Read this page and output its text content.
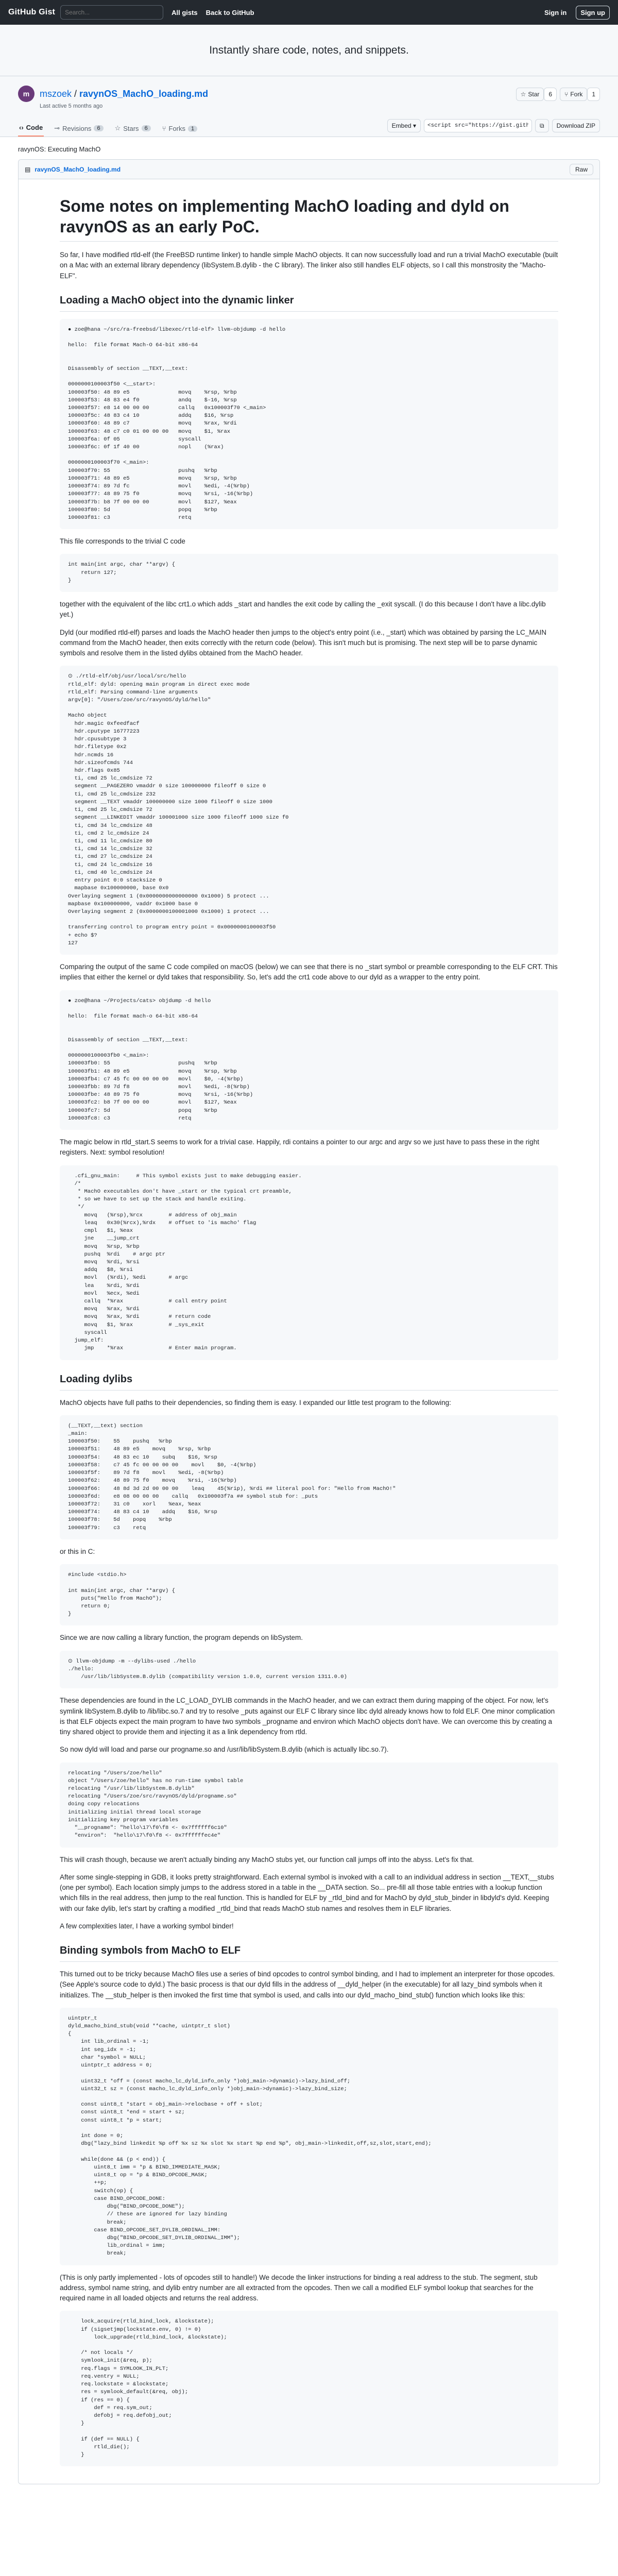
GitHub Gist
Search...	All gists Back to GitHub	Sign in	Sign up
Instantly share code, notes, and snippets.
m mszoek / ravynOS_MachO_loading.md
Last active 5 months ago
☆ Star	6	⑂ Fork	1
‹› Code ⊸ Revisions	6	☆ Stars	6	⑂ Forks	1	Embed
▾
<script src="https://gist.github.com/mszoek/d	⧉ Download ZIP
ravynOS: Executing MachO
▤ ravynOS_MachO_loading.md	Raw
Some notes on implementing MachO loading and dyld on ravynOS as an early PoC.

So far, I have modified rtld-elf (the FreeBSD runtime linker) to handle simple MachO objects. It can now successfully load and run a trivial MachO executable (built on a Mac with an external library dependency (libSystem.B.dylib - the C library). The linker also still handles ELF objects, so I call this monstrosity the "Macho-ELF".

Loading a MachO object into the dynamic linker
● zoe@hana ~/src/ra-freebsd/libexec/rtld-elf> llvm-objdump -d hello

hello:  file format Mach-O 64-bit x86-64

Disassembly of section __TEXT,__text:

0000000100003f50 <__start>:
100003f50: 48 89 e5               movq    %rsp, %rbp
100003f53: 48 83 e4 f0            andq    $-16, %rsp
100003f57: e8 14 00 00 00         callq   0x100003f70 <_main>
100003f5c: 48 83 c4 10            addq    $16, %rsp
100003f60: 48 89 c7               movq    %rax, %rdi
100003f63: 48 c7 c0 01 00 00 00   movq    $1, %rax
100003f6a: 0f 05                  syscall
100003f6c: 0f 1f 40 00            nopl    (%rax)

0000000100003f70 <_main>:
100003f70: 55                     pushq   %rbp
100003f71: 48 89 e5               movq    %rsp, %rbp
100003f74: 89 7d fc               movl    %edi, -4(%rbp)
100003f77: 48 89 75 f0            movq    %rsi, -16(%rbp)
100003f7b: b8 7f 00 00 00         movl    $127, %eax
100003f80: 5d                     popq    %rbp
100003f81: c3                     retq

This file corresponds to the trivial C code

int main(int argc, char **argv) {
return 127;
}

together with the equivalent of the libc crt1.o which adds _start and handles the exit code by calling the _exit syscall. (I do this because I don't have a libc.dylib yet.)

Dyld (our modified rtld-elf) parses and loads the MachO header then jumps to the object's entry point (i.e., _start) which was obtained by parsing the LC_MAIN command from the MachO header, then exits correctly with the return code (below). This isn't much but is promising. The next step will be to parse dynamic symbols and resolve them in the listed dylibs obtained from the MachO header.

⊙ ./rtld-elf/obj/usr/local/src/hello
rtld_elf: dyld: opening main program in direct exec mode
rtld_elf: Parsing command-line arguments
argv[0]: "/Users/zoe/src/ravynOS/dyld/hello"

MachO object
hdr.magic 0xfeedfacf
hdr.cputype 16777223
hdr.cpusubtype 3
hdr.filetype 0x2
hdr.ncmds 16
hdr.sizeofcmds 744
hdr.flags 0x85
ti, cmd 25 lc_cmdsize 72
segment __PAGEZERO vmaddr 0 size 100000000 fileoff 0 size 0
ti, cmd 25 lc_cmdsize 232
segment __TEXT vmaddr 100000000 size 1000 fileoff 0 size 1000
ti, cmd 25 lc_cmdsize 72
segment __LINKEDIT vmaddr 100001000 size 1000 fileoff 1000 size f0
ti, cmd 34 lc_cmdsize 48
ti, cmd 2 lc_cmdsize 24
ti, cmd 11 lc_cmdsize 80
ti, cmd 14 lc_cmdsize 32
ti, cmd 27 lc_cmdsize 24
ti, cmd 24 lc_cmdsize 16
ti, cmd 40 lc_cmdsize 24
entry point 0:0 stacksize 0
mapbase 0x100000000, base 0x0
Overlaying segment 1 (0x0000000000000000 0x1000) 5 protect ...
mapbase 0x100000000, vaddr 0x1000 base 0
Overlaying segment 2 (0x0000000100001000 0x1000) 1 protect ...

transferring control to program entry point = 0x0000000100003f50
+ echo $?
127

Comparing the output of the same C code compiled on macOS (below) we can see that there is no _start symbol or preamble corresponding to the ELF CRT. This implies that either the kernel or dyld takes that responsibility. So, let's add the crt1 code above to our dyld as a wrapper to the entry point.

● zoe@hana ~/Projects/cats> objdump -d hello

hello:  file format mach-o 64-bit x86-64

Disassembly of section __TEXT,__text:

0000000100003fb0 <_main>:
100003fb0: 55                     pushq   %rbp
100003fb1: 48 89 e5               movq    %rsp, %rbp
100003fb4: c7 45 fc 00 00 00 00   movl    $0, -4(%rbp)
100003fbb: 89 7d f8               movl    %edi, -8(%rbp)
100003fbe: 48 89 75 f0            movq    %rsi, -16(%rbp)
100003fc2: b8 7f 00 00 00         movl    $127, %eax
100003fc7: 5d                     popq    %rbp
100003fc8: c3                     retq

The magic below in rtld_start.S seems to work for a trivial case. Happily, rdi contains a pointer to our argc and argv so we just have to pass these in the right registers. Next: symbol resolution!

.cfi_gnu_main:     # This symbol exists just to make debugging easier.
/*
* MachO executables don't have _start or the typical crt preamble,
* so we have to set up the stack and handle exiting.
*/
movq   (%rsp),%rcx        # address of obj_main
leaq   0x30(%rcx),%rdx    # offset to 'is macho' flag
cmpl   $1, %eax
jne    __jump_crt
movq   %rsp, %rbp
pushq  %rdi    # argc ptr
movq   %rdi, %rsi
addq   $8, %rsi
movl   (%rdi), %edi       # argc
lea    %rdi, %rdi
movl   %ecx, %edi
callq  *%rax              # call entry point
movq   %rax, %rdi
movq   %rax, %rdi         # return code
movq   $1, %rax           # _sys_exit
syscall
jump_elf:
jmp    *%rax              # Enter main program.
Loading dylibs

MachO objects have full paths to their dependencies, so finding them is easy. I expanded our little test program to the following:

(__TEXT,__text) section
_main:
100003f50:    55    pushq   %rbp
100003f51:    48 89 e5    movq    %rsp, %rbp
100003f54:    48 83 ec 10    subq    $16, %rsp
100003f58:    c7 45 fc 00 00 00 00    movl    $0, -4(%rbp)
100003f5f:    89 7d f8    movl    %edi, -8(%rbp)
100003f62:    48 89 75 f0    movq    %rsi, -16(%rbp)
100003f66:    48 8d 3d 2d 00 00 00    leaq    45(%rip), %rdi ## literal pool for: "Hello from MachO!"
100003f6d:    e8 08 00 00 00    callq   0x100003f7a ## symbol stub for: _puts
100003f72:    31 c0    xorl    %eax, %eax
100003f74:    48 83 c4 10    addq    $16, %rsp
100003f78:    5d    popq    %rbp
100003f79:    c3    retq

or this in C:

#include <stdio.h>

int main(int argc, char **argv) {
puts("Hello from MachO");
return 0;
}

Since we are now calling a library function, the program depends on libSystem.

⊙ llvm-objdump -m --dylibs-used ./hello
./hello:
/usr/lib/libSystem.B.dylib (compatibility version 1.0.0, current version 1311.0.0)

These dependencies are found in the LC_LOAD_DYLIB commands in the MachO header, and we can extract them during mapping of the object. For now, let's symlink libSystem.B.dylib to /lib/libc.so.7 and try to resolve _puts against our ELF C library since libc dyld already knows how to fold ELF. One minor complication is that ELF objects expect the main program to have two symbols _progname and environ which MachO objects don't have. We can overcome this by creating a tiny shared object to provide them and injecting it as a link dependency from rtld.

So now dyld will load and parse our progname.so and /usr/lib/libSystem.B.dylib (which is actually libc.so.7).

relocating "/Users/zoe/hello"
object "/Users/zoe/hello" has no run-time symbol table
relocating "/usr/lib/libSystem.B.dylib"
relocating "/Users/zoe/src/ravynOS/dyld/progname.so"
doing copy relocations
initializing initial thread local storage
initializing key program variables
"__progname": "hello\17\f0\f8 <- 0x7ffffff6c10"
"environ":  "hello\17\f0\f8 <- 0x7ffffffec4e"

This will crash though, because we aren't actually binding any MachO stubs yet, our function call jumps off into the abyss. Let's fix that.

After some single-stepping in GDB, it looks pretty straightforward. Each external symbol is invoked with a call to an individual address in section __TEXT,__stubs (one per symbol). Each location simply jumps to the address stored in a table in the __DATA section. So... pre-fill all those table entries with a lookup function which fills in the real address, then jump to the real function. This is handled for ELF by _rtld_bind and for MachO by dyld_stub_binder in libdyld's dyld. Keeping with our fake dylib, let's start by crafting a modified _rtld_bind that reads MachO stub names and resolves them in ELF libraries.

A few complexities later, I have a working symbol binder!

Binding symbols from MachO to ELF

This turned out to be tricky because MachO files use a series of bind opcodes to control symbol binding, and I had to implement an interpreter for those opcodes. (See Apple's source code to dyld.) The basic process is that our dyld fills in the address of __dyld_helper (in the executable) for all lazy_bind symbols when it initializes. The __stub_helper is then invoked the first time that symbol is used, and calls into our dyld_macho_bind_stub() function which looks like this:

uintptr_t
dyld_macho_bind_stub(void **cache, uintptr_t slot)
{
int lib_ordinal = -1;
int seg_idx = -1;
char *symbol = NULL;
uintptr_t address = 0;

uint32_t *off = (const macho_lc_dyld_info_only *)obj_main->dynamic)->lazy_bind_off;
uint32_t sz = (const macho_lc_dyld_info_only *)obj_main->dynamic)->lazy_bind_size;

const uint8_t *start = obj_main->relocbase + off + slot;
const uint8_t *end = start + sz;
const uint8_t *p = start;

int done = 0;
dbg("lazy_bind linkedit %p off %x sz %x slot %x start %p end %p", obj_main->linkedit,off,sz,slot,start,end);

while(done && (p < end)) {
uint8_t imm = *p & BIND_IMMEDIATE_MASK;
uint8_t op = *p & BIND_OPCODE_MASK;
++p;
switch(op) {
case BIND_OPCODE_DONE:
dbg("BIND_OPCODE_DONE");
// these are ignored for lazy binding
break;
case BIND_OPCODE_SET_DYLIB_ORDINAL_IMM:
dbg("BIND_OPCODE_SET_DYLIB_ORDINAL_IMM");
lib_ordinal = imm;
break;

(This is only partly implemented - lots of opcodes still to handle!) We decode the linker instructions for binding a real address to the stub. The segment, stub address, symbol name string, and dylib entry number are all extracted from the opcodes. Then we call a modified ELF symbol lookup that searches for the required name in all loaded objects and returns the real address.

lock_acquire(rtld_bind_lock, &lockstate);
if (sigsetjmp(lockstate.env, 0) != 0)
lock_upgrade(rtld_bind_lock, &lockstate);

/* not locals */
symlook_init(&req, p);
req.flags = SYMLOOK_IN_PLT;
req.ventry = NULL;
req.lockstate = &lockstate;
res = symlook_default(&req, obj);
if (res == 0) {
def = req.sym_out;
defobj = req.defobj_out;
}

if (def == NULL) {
rtld_die();
}
